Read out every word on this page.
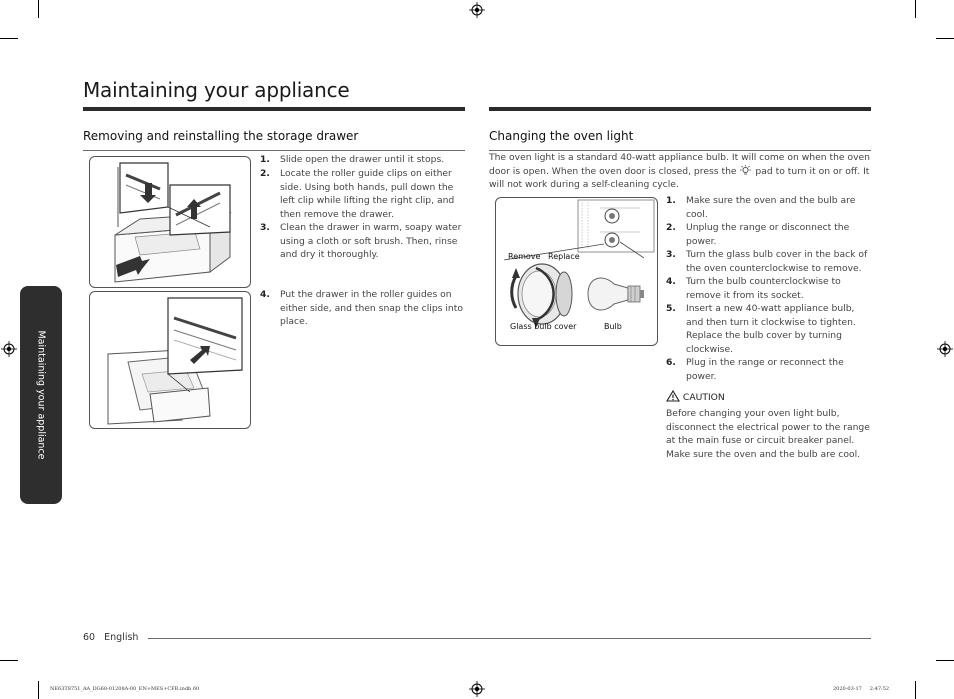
Maintaining your appliance
Maintaining your appliance
Removing and reinstalling the storage drawer
1. Slide open the drawer until it stops.
2. Locate the roller guide clips on either
side. Using both hands, pull down the
left clip while lifting the right clip, and
then remove the drawer.
3. Clean the drawer in warm, soapy water
using a cloth or soft brush. Then, rinse
and dry it thoroughly.
4. Put the drawer in the roller guides on
either side, and then snap the clips into
place.
Changing the oven light
The oven light is a standard 40-watt appliance bulb. It will come on when the oven
door is open. When the oven door is closed, press the pad to turn it on or off. It
will not work during a self-cleaning cycle.
Remove Replace
Glass bulb cover	Bulb
1. Make sure the oven and the bulb are
cool.
2. Unplug the range or disconnect the
power.
3. Turn the glass bulb cover in the back of
the oven counterclockwise to remove.
4. Turn the bulb counterclockwise to
remove it from its socket.
5. Insert a new 40-watt appliance bulb,
and then turn it clockwise to tighten.
Replace the bulb cover by turning
clockwise.
6. Plug in the range or reconnect the
power.
CAUTION
Before changing your oven light bulb,
disconnect the electrical power to the range
at the main fuse or circuit breaker panel.
Make sure the oven and the bulb are cool.
60 English
NE63T8751_AA_DG68-01208A-00_EN+MES+CFR.indb 60	2020-03-17     2:47:52
